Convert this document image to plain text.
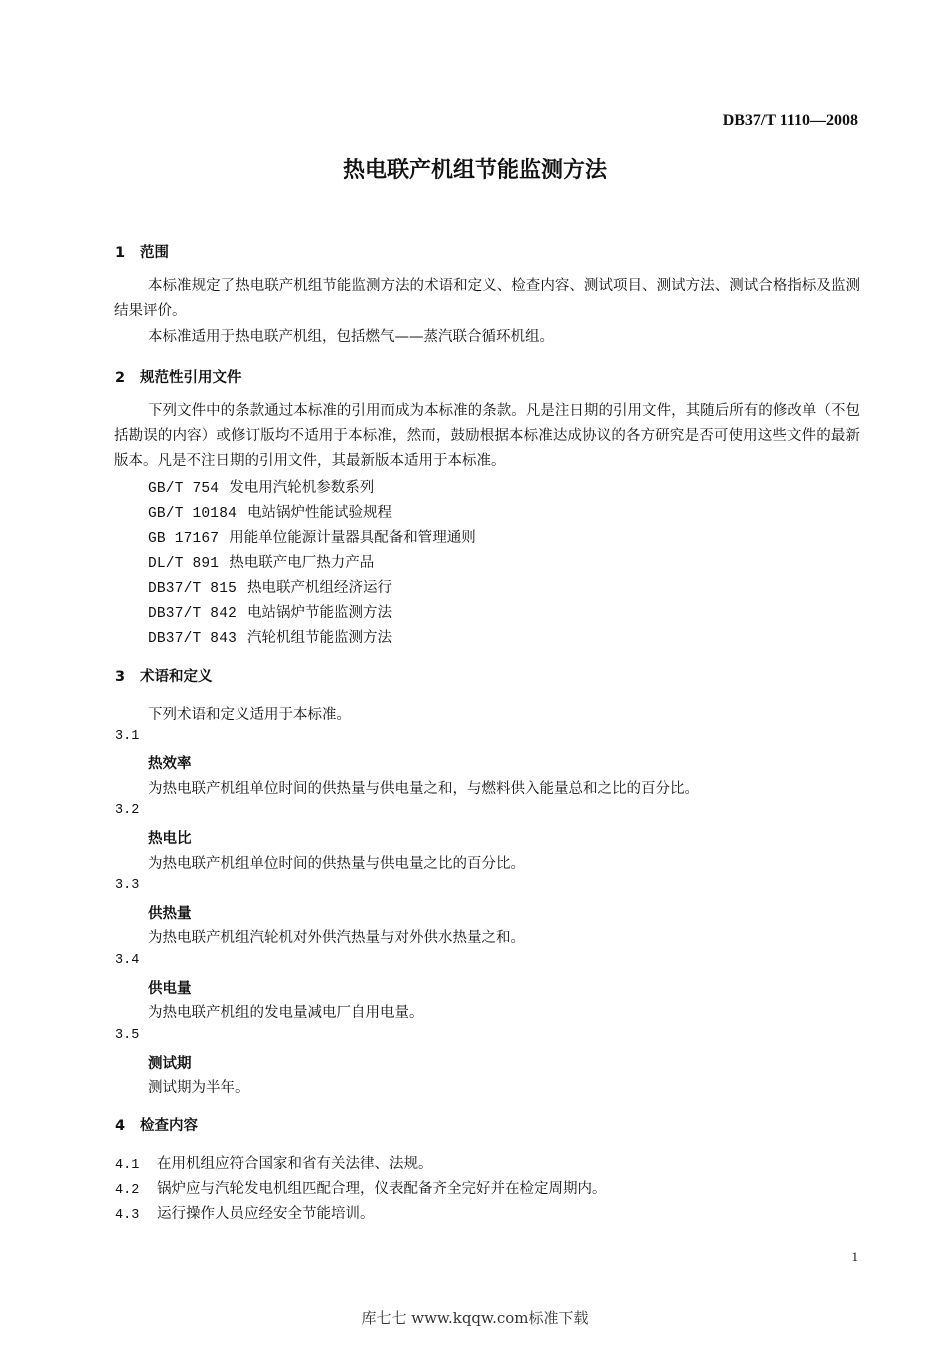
DB37/T 1110—2008
热电联产机组节能监测方法
1 范围
本标准规定了热电联产机组节能监测方法的术语和定义、检查内容、测试项目、测试方法、测试合格指标及监测结果评价。
本标准适用于热电联产机组，包括燃气——蒸汽联合循环机组。
2 规范性引用文件
下列文件中的条款通过本标准的引用而成为本标准的条款。凡是注日期的引用文件，其随后所有的修改单（不包括勘误的内容）或修订版均不适用于本标准，然而，鼓励根据本标准达成协议的各方研究是否可使用这些文件的最新版本。凡是不注日期的引用文件，其最新版本适用于本标准。
GB/T 754 发电用汽轮机参数系列
GB/T 10184 电站锅炉性能试验规程
GB 17167 用能单位能源计量器具配备和管理通则
DL/T 891 热电联产电厂热力产品
DB37/T 815 热电联产机组经济运行
DB37/T 842 电站锅炉节能监测方法
DB37/T 843 汽轮机组节能监测方法
3 术语和定义
下列术语和定义适用于本标准。
3.1
热效率
为热电联产机组单位时间的供热量与供电量之和，与燃料供入能量总和之比的百分比。
3.2
热电比
为热电联产机组单位时间的供热量与供电量之比的百分比。
3.3
供热量
为热电联产机组汽轮机对外供汽热量与对外供水热量之和。
3.4
供电量
为热电联产机组的发电量减电厂自用电量。
3.5
测试期
测试期为半年。
4 检查内容
4.1 在用机组应符合国家和省有关法律、法规。
4.2 锅炉应与汽轮发电机组匹配合理，仪表配备齐全完好并在检定周期内。
4.3 运行操作人员应经安全节能培训。
1
库七七 www.kqqw.com标准下载
